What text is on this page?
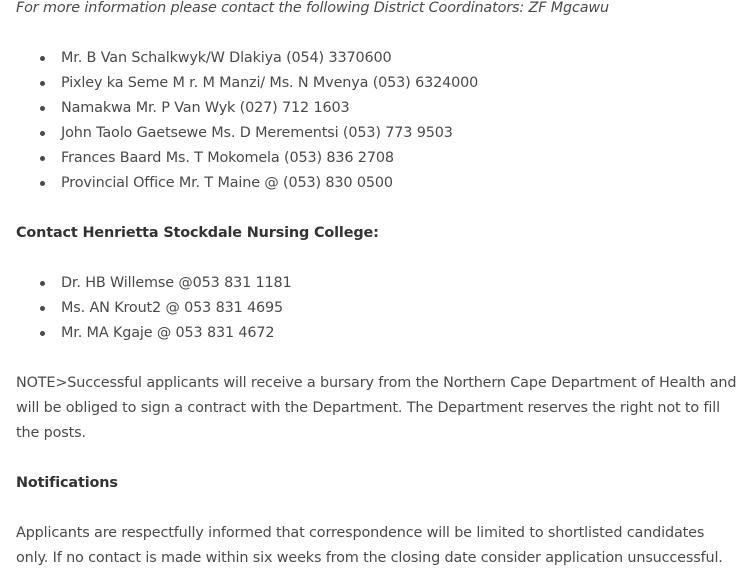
For more information please contact the following District Coordinators: ZF Mgcawu

Mr. B Van Schalkwyk/W Dlakiya (054) 3370600
Pixley ka Seme M r. M Manzi/ Ms. N Mvenya (053) 6324000
Namakwa Mr. P Van Wyk (027) 712 1603
John Taolo Gaetsewe Ms. D Merementsi (053) 773 9503
Frances Baard Ms. T Mokomela (053) 836 2708
Provincial Office Mr. T Maine @ (053) 830 0500

Contact Henrietta Stockdale Nursing College:

Dr. HB Willemse @053 831 1181
Ms. AN Krout2 @ 053 831 4695
Mr. MA Kgaje @ 053 831 4672

NOTE>Successful applicants will receive a bursary from the Northern Cape Department of Health and will be obliged to sign a contract with the Department. The Department reserves the right not to fill the posts.

Notifications

Applicants are respectfully informed that correspondence will be limited to shortlisted candidates only. If no contact is made within six weeks from the closing date consider application unsuccessful.
